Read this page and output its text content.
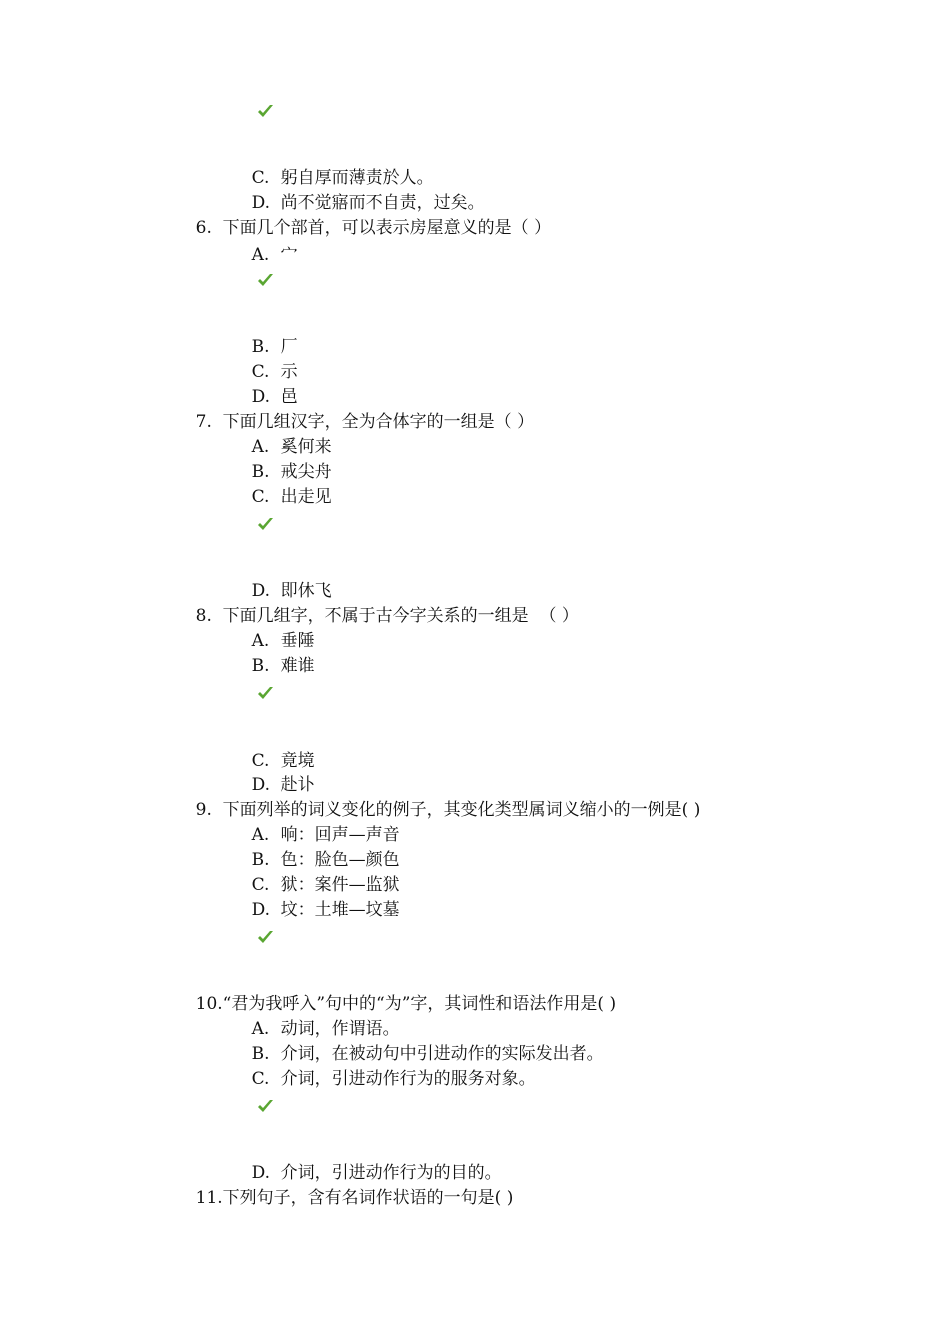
C. 躬自厚而薄责於人。

D. 尚不觉寤而不自责，过矣。

6. 下面几个部首，可以表示房屋意义的是（ ）

A. 宀

B. 厂

C. 示

D. 邑

7. 下面几组汉字，全为合体字的一组是（ ）

A. 奚何来

B. 戒尖舟

C. 出走见

D. 即休飞

8. 下面几组字，不属于古今字关系的一组是  （ ）

A. 垂陲

B. 难谁

C. 竟境

D. 赴讣

9. 下面列举的词义变化的例子，其变化类型属词义缩小的一例是( )

A. 响：回声—声音

B. 色：脸色—颜色

C. 狱：案件—监狱

D. 坟：土堆—坟墓

10.“君为我呼入”句中的“为”字，其词性和语法作用是( )

A. 动词，作谓语。

B. 介词，在被动句中引进动作的实际发出者。

C. 介词，引进动作行为的服务对象。

D. 介词，引进动作行为的目的。

11.下列句子，含有名词作状语的一句是( )
